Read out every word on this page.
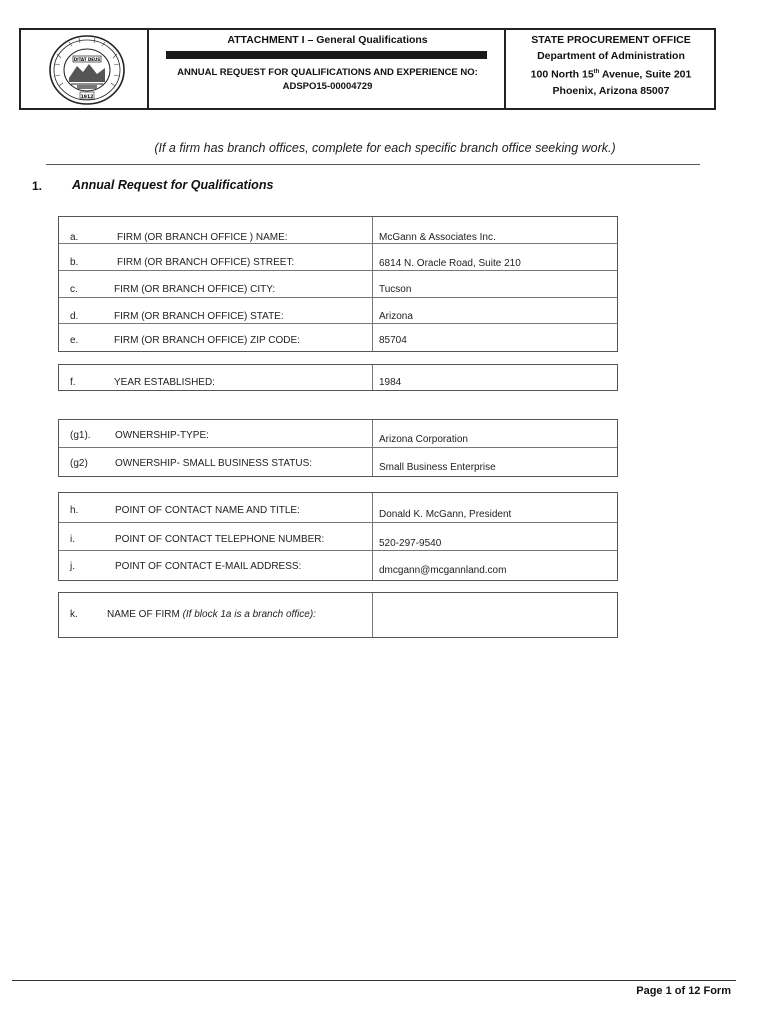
DITAT DEUS
1912
ATTACHMENT I – General Qualifications
ANNUAL REQUEST FOR QUALIFICATIONS AND EXPERIENCE NO:
ADSPO15-00004729
STATE PROCUREMENT OFFICE
Department of Administration
100 North 15th Avenue, Suite 201
Phoenix, Arizona 85007
(If a firm has branch offices, complete for each specific branch office seeking work.)
1. Annual Request for Qualifications
a.	FIRM (OR BRANCH OFFICE ) NAME:	McGann & Associates Inc.
b.	FIRM (OR BRANCH OFFICE) STREET:	6814 N. Oracle Road, Suite 210
c.	FIRM (OR BRANCH OFFICE) CITY:	Tucson
d.	FIRM (OR BRANCH OFFICE) STATE:	Arizona
e.	FIRM (OR BRANCH OFFICE) ZIP CODE:	85704
f.	YEAR ESTABLISHED:	1984
(g1). OWNERSHIP-TYPE:	Arizona Corporation
(g2)	OWNERSHIP- SMALL BUSINESS STATUS:	Small Business Enterprise
h.	POINT OF CONTACT NAME AND TITLE:	Donald K. McGann, President
i.	POINT OF CONTACT TELEPHONE NUMBER:	520-297-9540
j.	POINT OF CONTACT E-MAIL ADDRESS:	dmcgann@mcgannland.com
k.	NAME OF FIRM (If block 1a is a branch office):
Page 1 of 12 Form
